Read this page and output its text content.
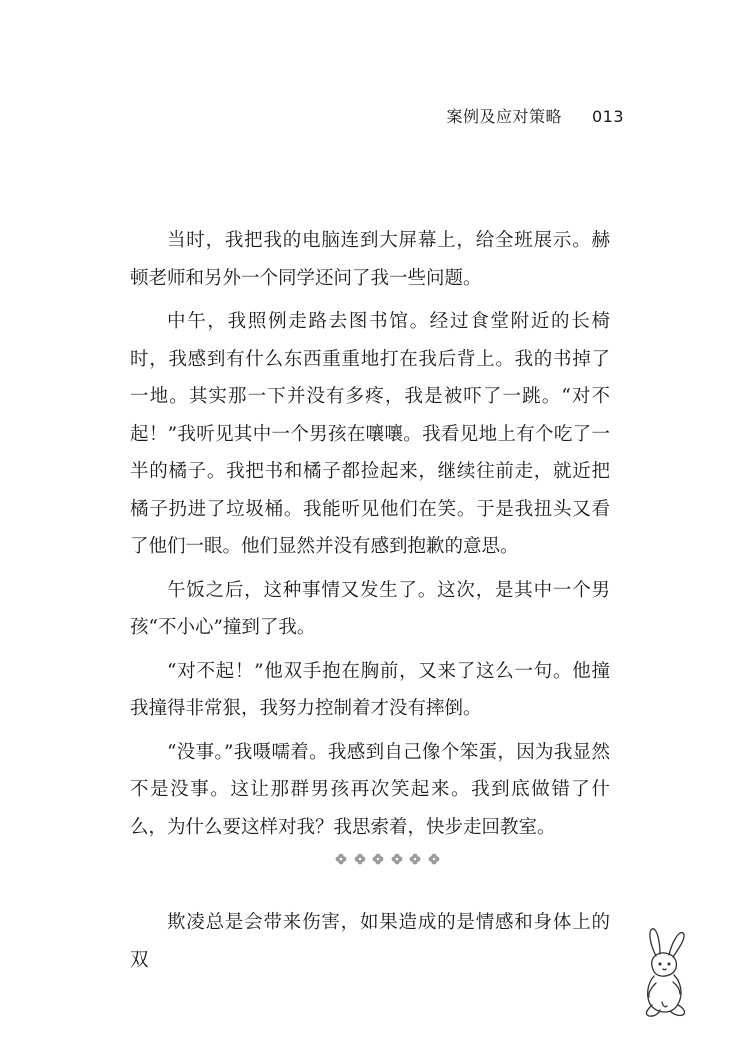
案例及应对策略 013

当时，我把我的电脑连到大屏幕上，给全班展示。赫顿老师和另外一个同学还问了我一些问题。

中午，我照例走路去图书馆。经过食堂附近的长椅时，我感到有什么东西重重地打在我后背上。我的书掉了一地。其实那一下并没有多疼，我是被吓了一跳。“对不起！”我听见其中一个男孩在嚷嚷。我看见地上有个吃了一半的橘子。我把书和橘子都捡起来，继续往前走，就近把橘子扔进了垃圾桶。我能听见他们在笑。于是我扭头又看了他们一眼。他们显然并没有感到抱歉的意思。

午饭之后，这种事情又发生了。这次，是其中一个男孩“不小心”撞到了我。

“对不起！”他双手抱在胸前，又来了这么一句。他撞我撞得非常狠，我努力控制着才没有摔倒。

“没事。”我嗫嚅着。我感到自己像个笨蛋，因为我显然不是没事。这让那群男孩再次笑起来。我到底做错了什么，为什么要这样对我？我思索着，快步走回教室。

欺凌总是会带来伤害，如果造成的是情感和身体上的双
